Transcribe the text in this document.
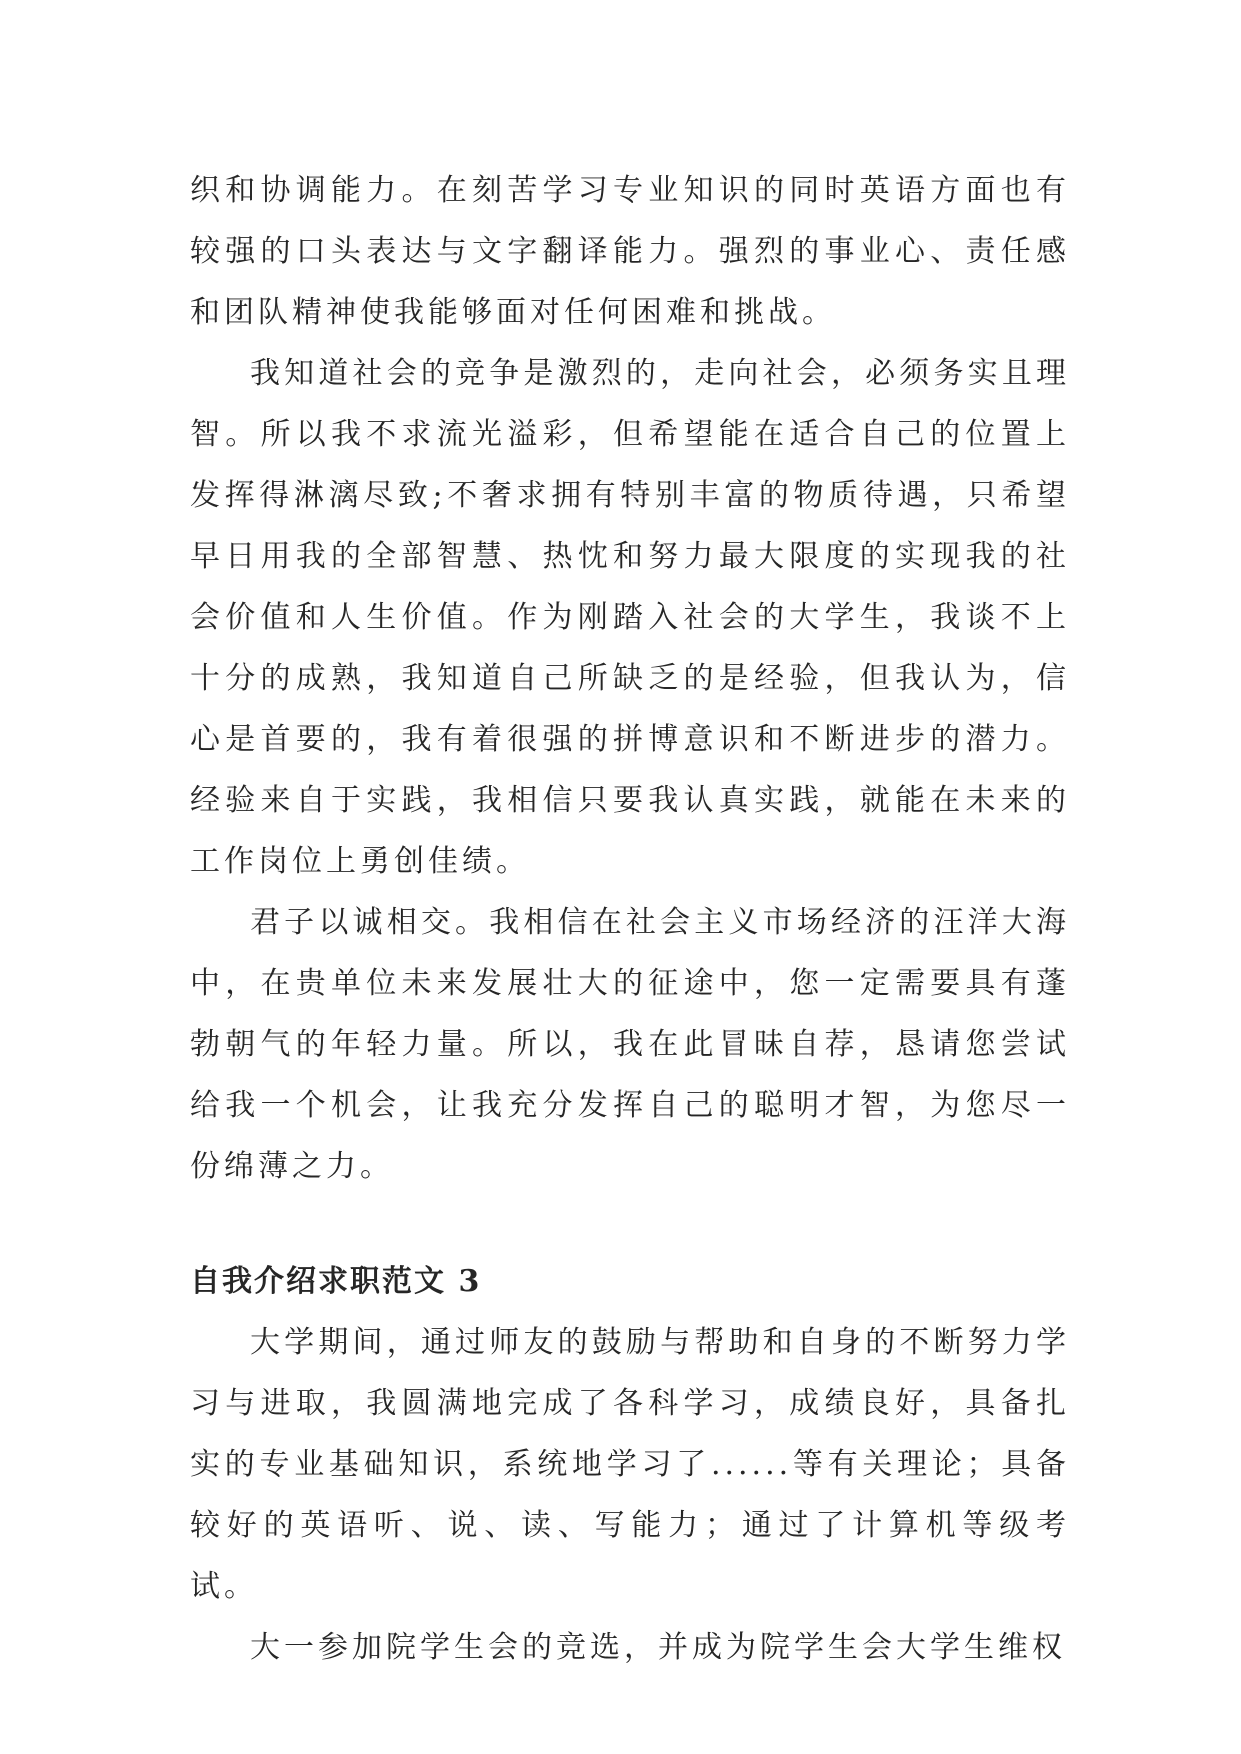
织和协调能力。在刻苦学习专业知识的同时英语方面也有较强的口头表达与文字翻译能力。强烈的事业心、责任感和团队精神使我能够面对任何困难和挑战。

我知道社会的竞争是激烈的，走向社会，必须务实且理智。所以我不求流光溢彩，但希望能在适合自己的位置上发挥得淋漓尽致;不奢求拥有特别丰富的物质待遇，只希望早日用我的全部智慧、热忱和努力最大限度的实现我的社会价值和人生价值。作为刚踏入社会的大学生，我谈不上十分的成熟，我知道自己所缺乏的是经验，但我认为，信心是首要的，我有着很强的拼博意识和不断进步的潜力。经验来自于实践，我相信只要我认真实践，就能在未来的工作岗位上勇创佳绩。

君子以诚相交。我相信在社会主义市场经济的汪洋大海中，在贵单位未来发展壮大的征途中，您一定需要具有蓬勃朝气的年轻力量。所以，我在此冒昧自荐，恳请您尝试给我一个机会，让我充分发挥自己的聪明才智，为您尽一份绵薄之力。

自我介绍求职范文 3

大学期间，通过师友的鼓励与帮助和自身的不断努力学习与进取，我圆满地完成了各科学习，成绩良好，具备扎实的专业基础知识，系统地学习了......等有关理论；具备较好的英语听、说、读、写能力；通过了计算机等级考试。

大一参加院学生会的竞选，并成为院学生会大学生维权
